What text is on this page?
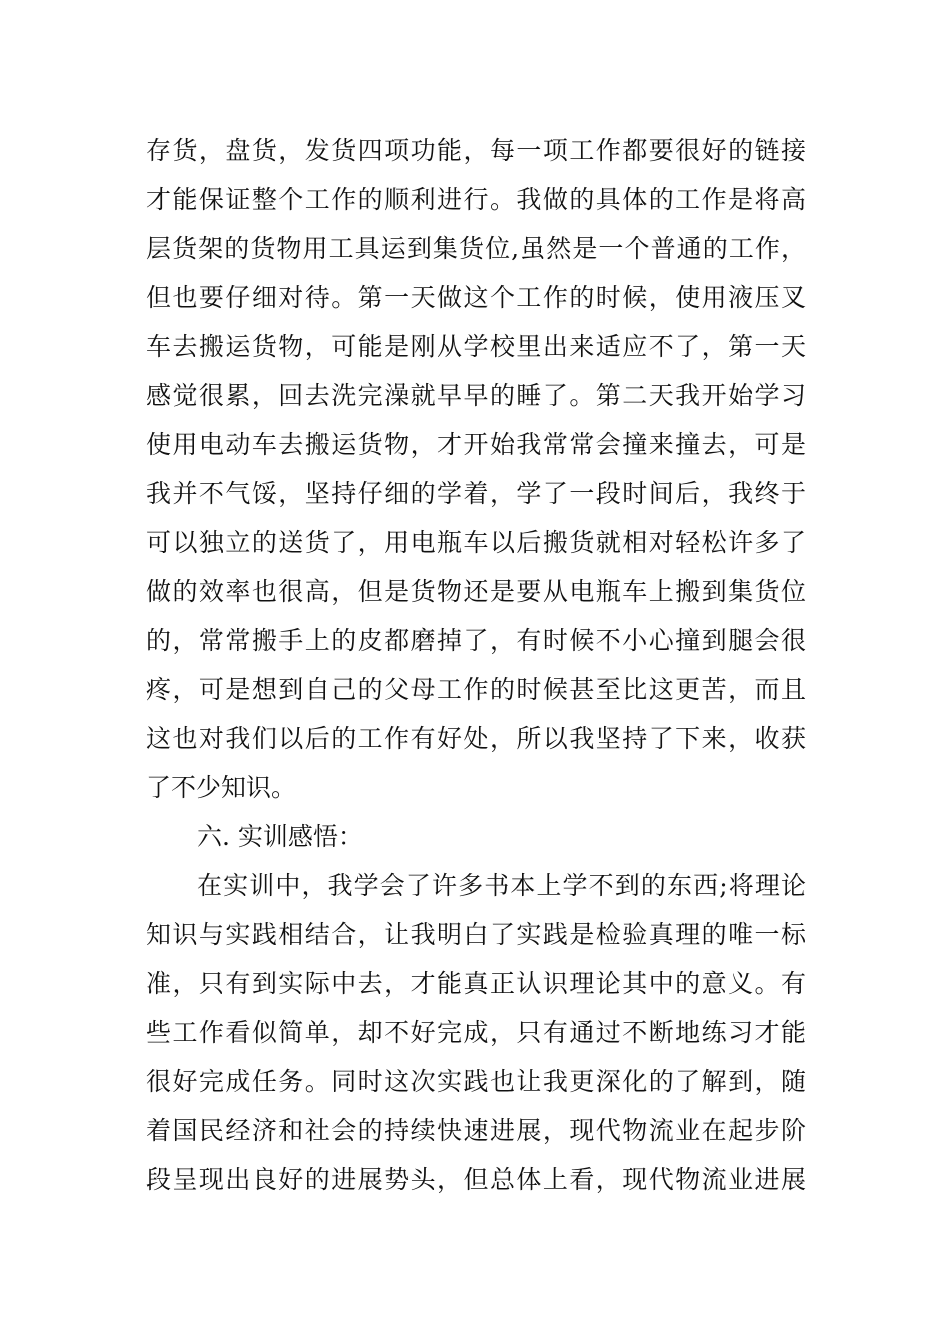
存货，盘货，发货四项功能，每一项工作都要很好的链接
才能保证整个工作的顺利进行。我做的具体的工作是将高
层货架的货物用工具运到集货位,虽然是一个普通的工作，
但也要仔细对待。第一天做这个工作的时候，使用液压叉
车去搬运货物，可能是刚从学校里出来适应不了，第一天
感觉很累，回去洗完澡就早早的睡了。第二天我开始学习
使用电动车去搬运货物，才开始我常常会撞来撞去，可是
我并不气馁，坚持仔细的学着，学了一段时间后，我终于
可以独立的送货了，用电瓶车以后搬货就相对轻松许多了
做的效率也很高，但是货物还是要从电瓶车上搬到集货位
的，常常搬手上的皮都磨掉了，有时候不小心撞到腿会很
疼，可是想到自己的父母工作的时候甚至比这更苦，而且
这也对我们以后的工作有好处，所以我坚持了下来，收获
了不少知识。
六. 实训感悟：
在实训中，我学会了许多书本上学不到的东西;将理论
知识与实践相结合，让我明白了实践是检验真理的唯一标
准，只有到实际中去，才能真正认识理论其中的意义。有
些工作看似简单，却不好完成，只有通过不断地练习才能
很好完成任务。同时这次实践也让我更深化的了解到，随
着国民经济和社会的持续快速进展，现代物流业在起步阶
段呈现出良好的进展势头，但总体上看，现代物流业进展
